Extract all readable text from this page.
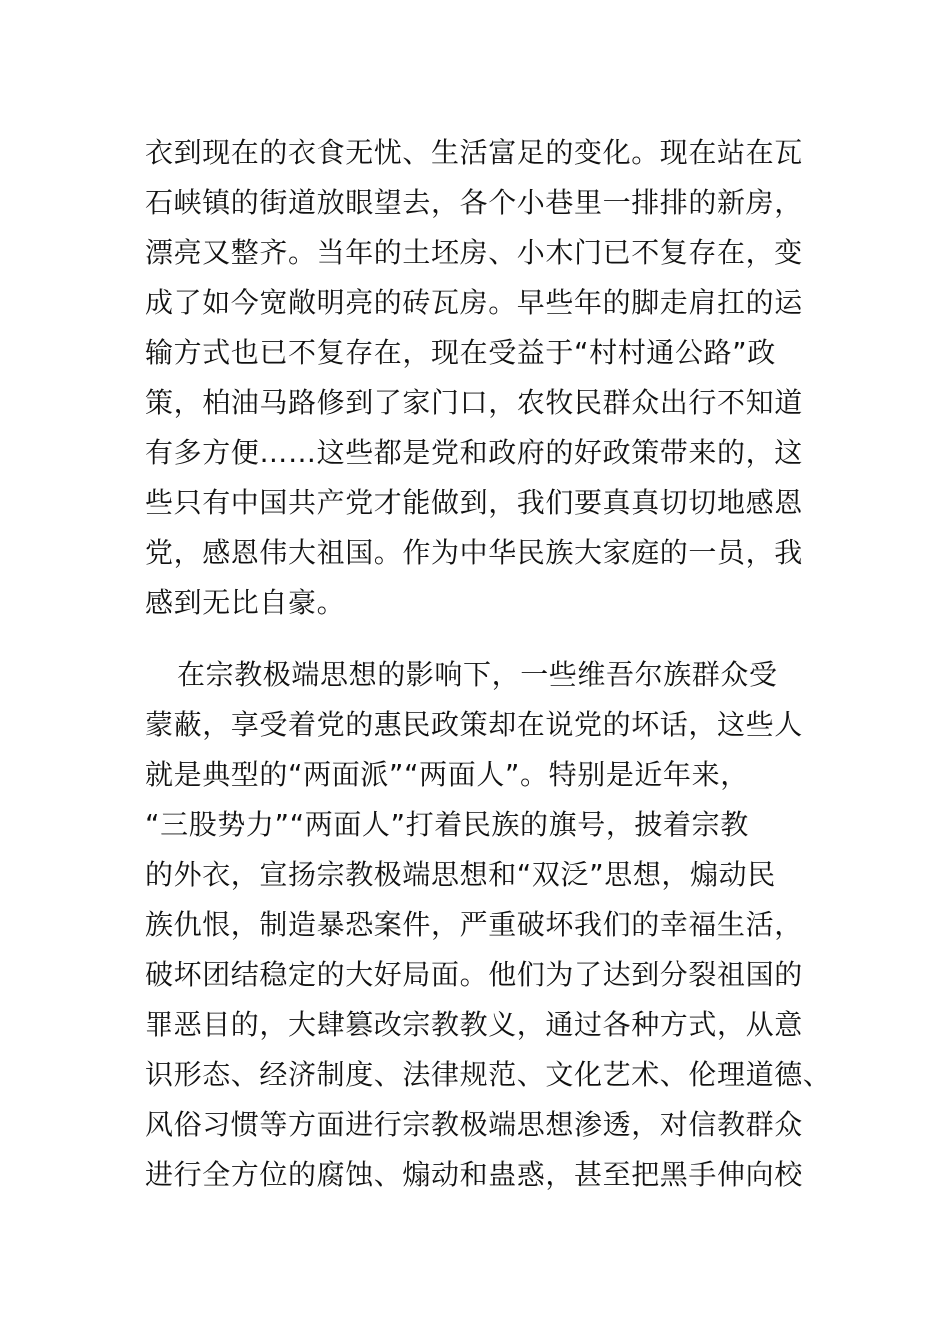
衣到现在的衣食无忧、生活富足的变化。现在站在瓦
石峡镇的街道放眼望去，各个小巷里一排排的新房，
漂亮又整齐。当年的土坯房、小木门已不复存在，变
成了如今宽敞明亮的砖瓦房。早些年的脚走肩扛的运
输方式也已不复存在，现在受益于“村村通公路”政
策，柏油马路修到了家门口，农牧民群众出行不知道
有多方便……这些都是党和政府的好政策带来的，这
些只有中国共产党才能做到，我们要真真切切地感恩
党，感恩伟大祖国。作为中华民族大家庭的一员，我
感到无比自豪。
在宗教极端思想的影响下，一些维吾尔族群众受
蒙蔽，享受着党的惠民政策却在说党的坏话，这些人
就是典型的“两面派”“两面人”。特别是近年来，
“三股势力”“两面人”打着民族的旗号，披着宗教
的外衣，宣扬宗教极端思想和“双泛”思想，煽动民
族仇恨，制造暴恐案件，严重破坏我们的幸福生活，
破坏团结稳定的大好局面。他们为了达到分裂祖国的
罪恶目的，大肆篡改宗教教义，通过各种方式，从意
识形态、经济制度、法律规范、文化艺术、伦理道德、
风俗习惯等方面进行宗教极端思想渗透，对信教群众
进行全方位的腐蚀、煽动和蛊惑，甚至把黑手伸向校
